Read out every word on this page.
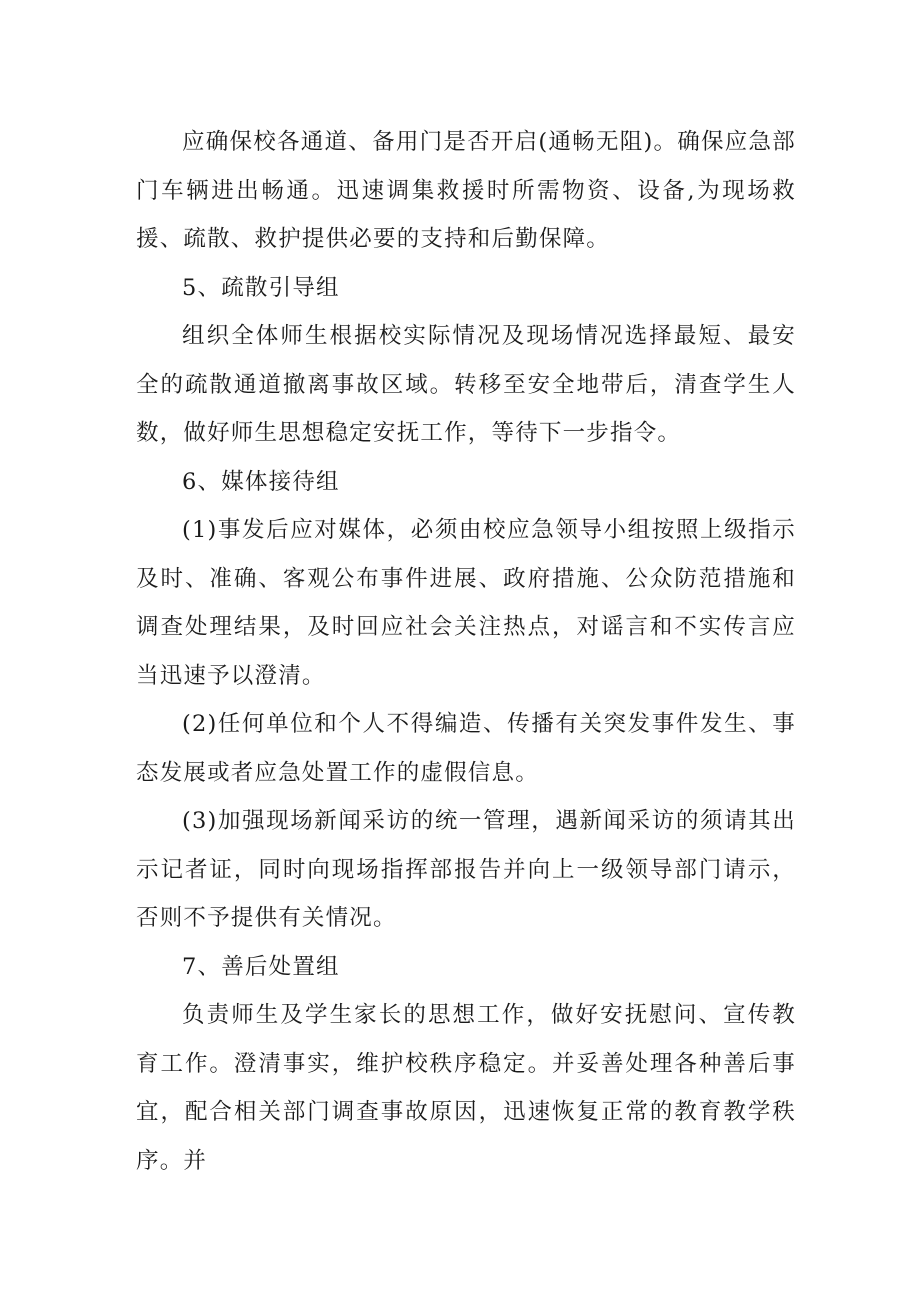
应确保校各通道、备用门是否开启(通畅无阻)。确保应急部门车辆进出畅通。迅速调集救援时所需物资、设备,为现场救援、疏散、救护提供必要的支持和后勤保障。

5、疏散引导组

组织全体师生根据校实际情况及现场情况选择最短、最安全的疏散通道撤离事故区域。转移至安全地带后，清查学生人数，做好师生思想稳定安抚工作，等待下一步指令。

6、媒体接待组

(1)事发后应对媒体，必须由校应急领导小组按照上级指示及时、准确、客观公布事件进展、政府措施、公众防范措施和调查处理结果，及时回应社会关注热点，对谣言和不实传言应当迅速予以澄清。

(2)任何单位和个人不得编造、传播有关突发事件发生、事态发展或者应急处置工作的虚假信息。

(3)加强现场新闻采访的统一管理，遇新闻采访的须请其出示记者证，同时向现场指挥部报告并向上一级领导部门请示，否则不予提供有关情况。

7、善后处置组

负责师生及学生家长的思想工作，做好安抚慰问、宣传教育工作。澄清事实，维护校秩序稳定。并妥善处理各种善后事宜，配合相关部门调查事故原因，迅速恢复正常的教育教学秩序。并
